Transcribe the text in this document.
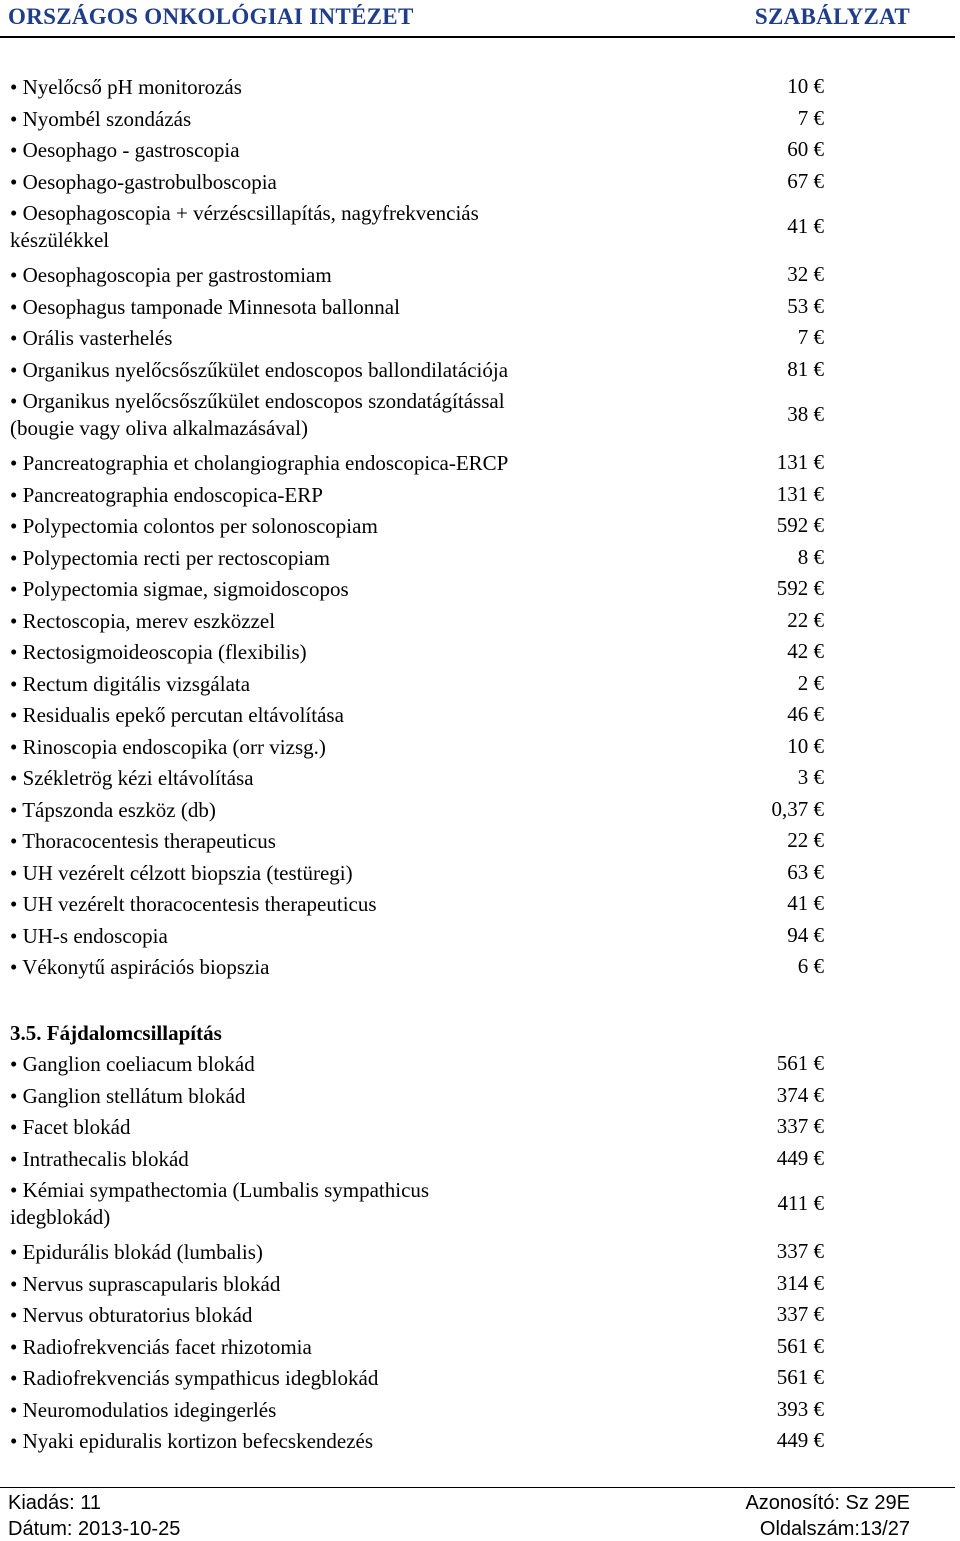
ORSZÁGOS ONKOLÓGIAI INTÉZET	SZABÁLYZAT
• Nyelőcső pH monitorozás	10 €
• Nyombél szondázás	7 €
• Oesophago - gastroscopia	60 €
• Oesophago-gastrobulboscopia	67 €
• Oesophagoscopia + vérzéscsillapítás, nagyfrekvenciás
készülékkel
41 €
• Oesophagoscopia per gastrostomiam	32 €
• Oesophagus tamponade Minnesota ballonnal	53 €
• Orális vasterhelés	7 €
• Organikus nyelőcsőszűkület endoscopos ballondilatációja	81 €
• Organikus nyelőcsőszűkület endoscopos szondatágítással
(bougie vagy oliva alkalmazásával)
38 €
• Pancreatographia et cholangiographia endoscopica-ERCP	131 €
• Pancreatographia endoscopica-ERP	131 €
• Polypectomia colontos per solonoscopiam	592 €
• Polypectomia recti per rectoscopiam	8 €
• Polypectomia sigmae, sigmoidoscopos	592 €
• Rectoscopia, merev eszközzel	22 €
• Rectosigmoideoscopia (flexibilis)	42 €
• Rectum digitális vizsgálata	2 €
• Residualis epekő percutan eltávolítása	46 €
• Rinoscopia endoscopika (orr vizsg.)	10 €
• Székletrög kézi eltávolítása	3 €
• Tápszonda eszköz (db)	0,37 €
• Thoracocentesis therapeuticus	22 €
• UH vezérelt célzott biopszia (testüregi)	63 €
• UH vezérelt thoracocentesis therapeuticus	41 €
• UH-s endoscopia	94 €
• Vékonytű aspirációs biopszia	6 €
• Ganglion coeliacum blokád	561 €
• Ganglion stellátum blokád	374 €
• Facet blokád	337 €
• Intrathecalis blokád	449 €
• Kémiai sympathectomia (Lumbalis sympathicus
idegblokád)
411 €
• Epidurális blokád (lumbalis)	337 €
• Nervus suprascapularis blokád	314 €
• Nervus obturatorius blokád	337 €
• Radiofrekvenciás facet rhizotomia	561 €
• Radiofrekvenciás sympathicus idegblokád	561 €
• Neuromodulatios idegingerlés	393 €
• Nyaki epiduralis kortizon befecskendezés	449 €
3.5. Fájdalomcsillapítás
Kiadás: 11
Dátum: 2013-10-25
Azonosító: Sz 29E
Oldalszám:13/27
